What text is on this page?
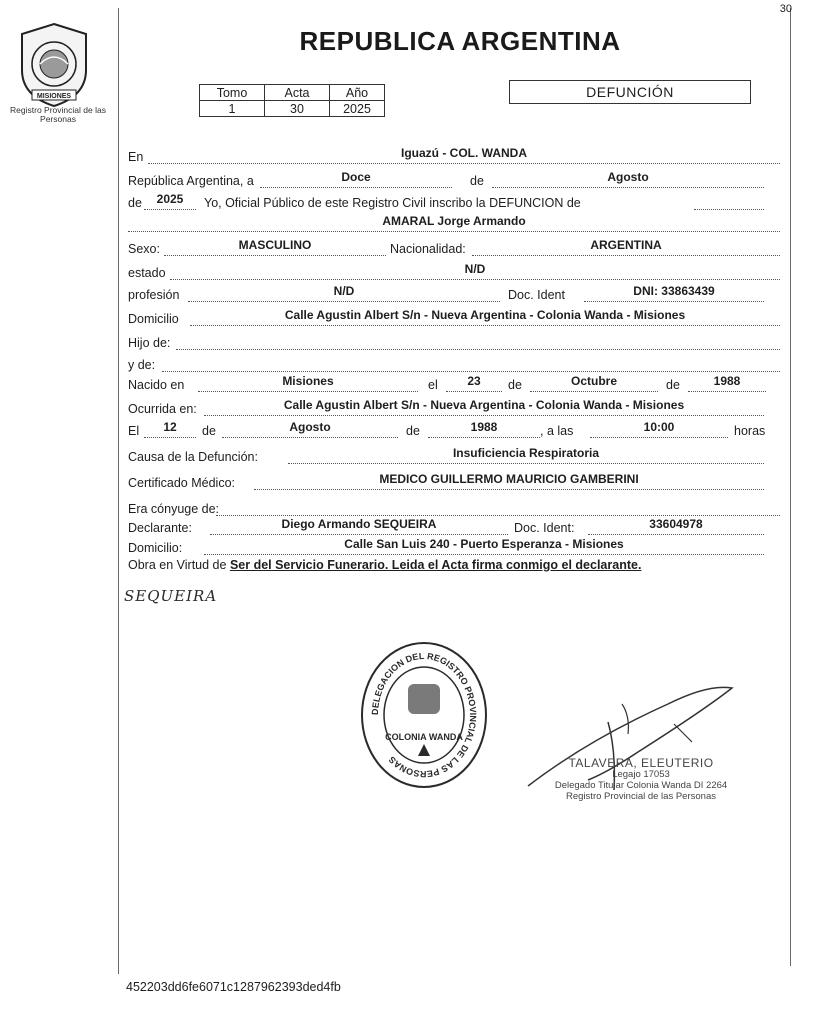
30
MISIONES
Registro Provincial de las Personas
REPUBLICA ARGENTINA
Tomo	Acta	Año
1	30	2025
DEFUNCIÓN
En	Iguazú - COL. WANDA
República Argentina, a	Doce	de	Agosto
de	2025	Yo, Oficial Público de este Registro Civil inscribo la DEFUNCION de
AMARAL Jorge Armando
Sexo:	MASCULINO	Nacionalidad:	ARGENTINA
estado	N/D
profesión	N/D	Doc. Ident	DNI: 33863439
Domicilio	Calle Agustin Albert S/n - Nueva Argentina - Colonia Wanda - Misiones
Hijo de:
y de:
Nacido en	Misiones	el	23	de	Octubre	de	1988
Ocurrida en:	Calle Agustin Albert S/n - Nueva Argentina - Colonia Wanda - Misiones
El	12	de	Agosto	de	1988	, a las	10:00	horas
Causa de la Defunción:	Insuficiencia Respiratoria
Certificado Médico:	MEDICO GUILLERMO MAURICIO GAMBERINI
Era cónyuge de:
Declarante:	Diego Armando SEQUEIRA	Doc. Ident:	33604978
Domicilio:	Calle San Luis 240 - Puerto Esperanza - Misiones
Obra en Virtud de Ser del Servicio Funerario. Leida el Acta firma conmigo el declarante.
SEQUEIRA
DELEGACION DEL REGISTRO PROVINCIAL DE LAS PERSONAS
COLONIA WANDA
TALAVERA, ELEUTERIO
Legajo 17053
Delegado Titular Colonia Wanda DI 2264
Registro Provincial de las Personas
452203dd6fe6071c1287962393ded4fb
